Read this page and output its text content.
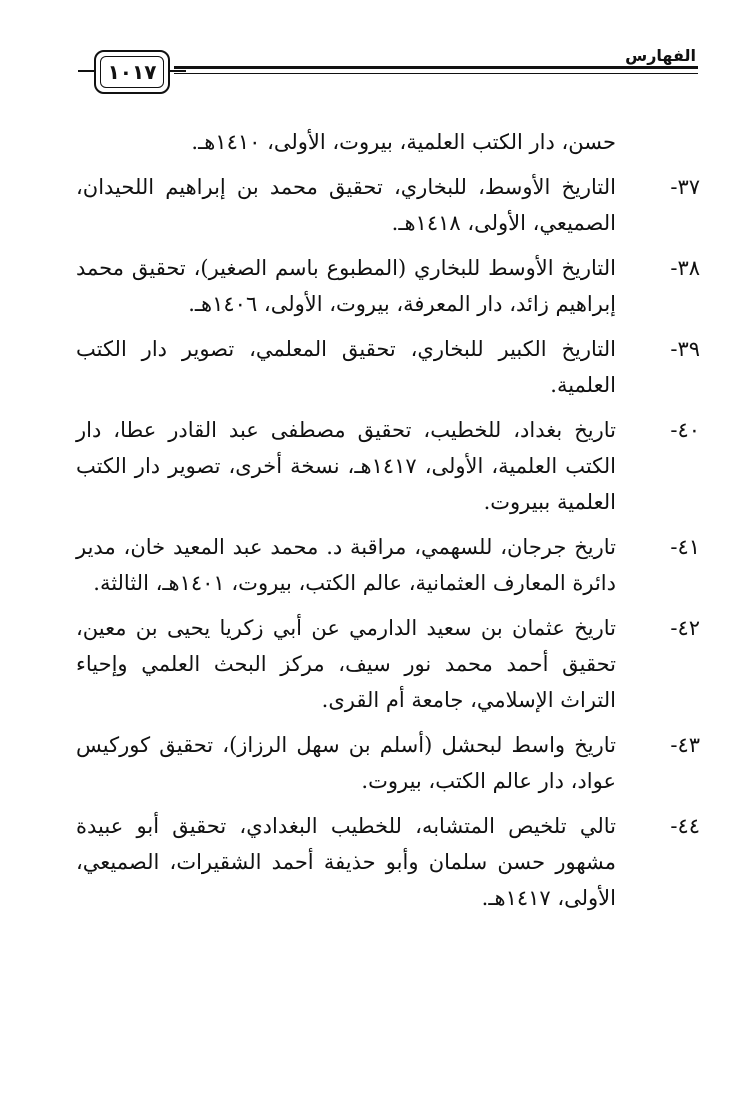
الفهارس
١٠١٧

حسن، دار الكتب العلمية، بيروت، الأولى، ١٤١٠هـ.

٣٧-
التاريخ الأوسط، للبخاري، تحقيق محمد بن إبراهيم اللحيدان، الصميعي، الأولى، ١٤١٨هـ.
٣٨-
التاريخ الأوسط للبخاري (المطبوع باسم الصغير)، تحقيق محمد إبراهيم زائد، دار المعرفة، بيروت، الأولى، ١٤٠٦هـ.
٣٩-
التاريخ الكبير للبخاري، تحقيق المعلمي، تصوير دار الكتب العلمية.
٤٠-
تاريخ بغداد، للخطيب، تحقيق مصطفى عبد القادر عطا، دار الكتب العلمية، الأولى، ١٤١٧هـ، نسخة أخرى، تصوير دار الكتب العلمية ببيروت.
٤١-
تاريخ جرجان، للسهمي، مراقبة د. محمد عبد المعيد خان، مدير دائرة المعارف العثمانية، عالم الكتب، بيروت، ١٤٠١هـ، الثالثة.
٤٢-
تاريخ عثمان بن سعيد الدارمي عن أبي زكريا يحيى بن معين، تحقيق أحمد محمد نور سيف، مركز البحث العلمي وإحياء التراث الإسلامي، جامعة أم القرى.
٤٣-
تاريخ واسط لبحشل (أسلم بن سهل الرزاز)، تحقيق كوركيس عواد، دار عالم الكتب، بيروت.
٤٤-
تالي تلخيص المتشابه، للخطيب البغدادي، تحقيق أبو عبيدة مشهور حسن سلمان وأبو حذيفة أحمد الشقيرات، الصميعي، الأولى، ١٤١٧هـ.
